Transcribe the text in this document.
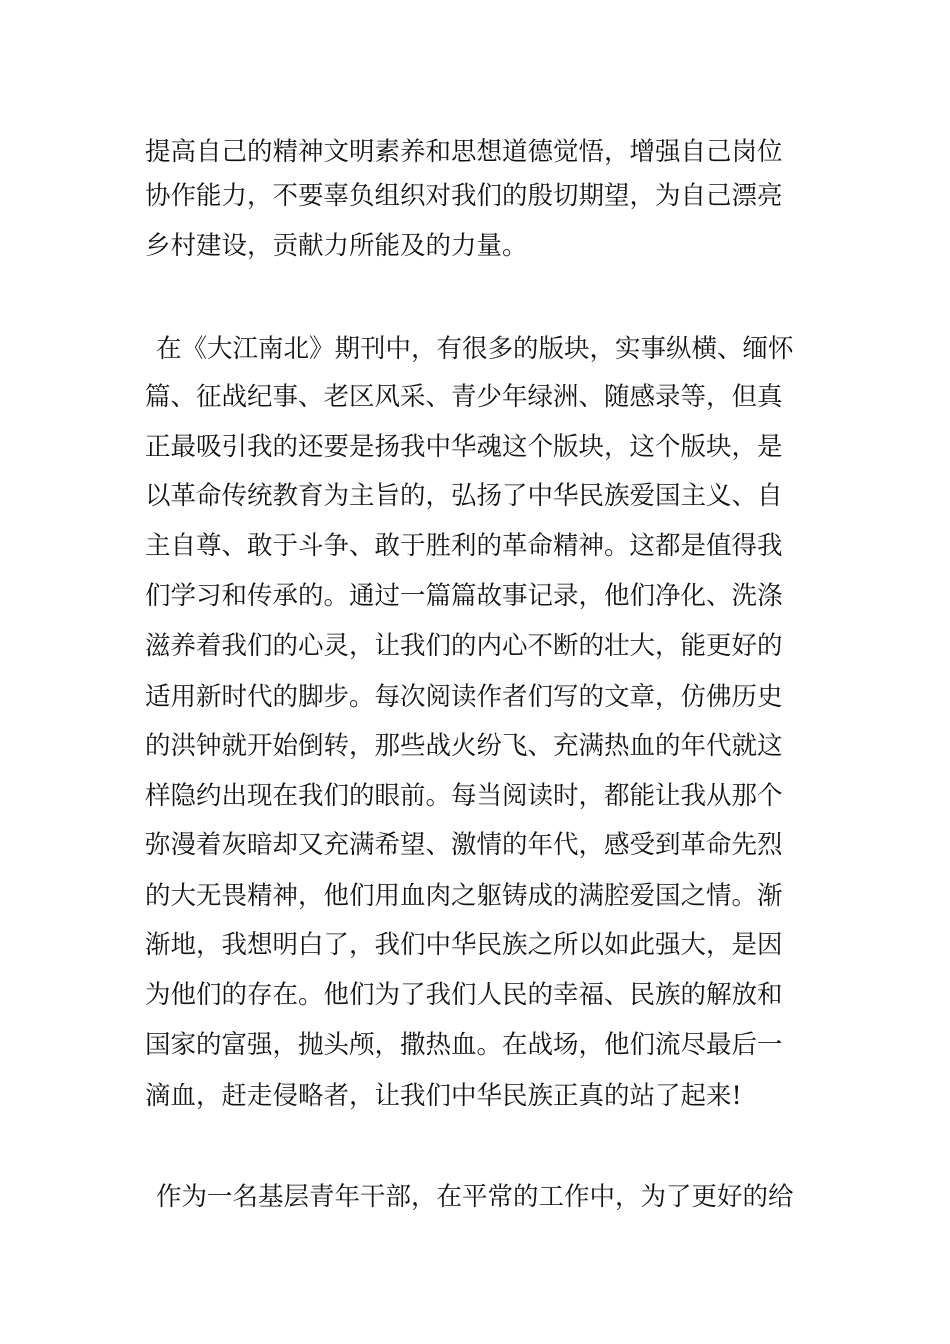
提高自己的精神文明素养和思想道德觉悟，增强自己岗位
协作能力，不要辜负组织对我们的殷切期望，为自己漂亮
乡村建设，贡献力所能及的力量。
在《大江南北》期刊中，有很多的版块，实事纵横、缅怀
篇、征战纪事、老区风采、青少年绿洲、随感录等，但真
正最吸引我的还要是扬我中华魂这个版块，这个版块，是
以革命传统教育为主旨的，弘扬了中华民族爱国主义、自
主自尊、敢于斗争、敢于胜利的革命精神。这都是值得我
们学习和传承的。通过一篇篇故事记录，他们净化、洗涤
滋养着我们的心灵，让我们的内心不断的壮大，能更好的
适用新时代的脚步。每次阅读作者们写的文章，仿佛历史
的洪钟就开始倒转，那些战火纷飞、充满热血的年代就这
样隐约出现在我们的眼前。每当阅读时，都能让我从那个
弥漫着灰暗却又充满希望、激情的年代，感受到革命先烈
的大无畏精神，他们用血肉之躯铸成的满腔爱国之情。渐
渐地，我想明白了，我们中华民族之所以如此强大，是因
为他们的存在。他们为了我们人民的幸福、民族的解放和
国家的富强，抛头颅，撒热血。在战场，他们流尽最后一
滴血，赶走侵略者，让我们中华民族正真的站了起来!
作为一名基层青年干部，在平常的工作中，为了更好的给
